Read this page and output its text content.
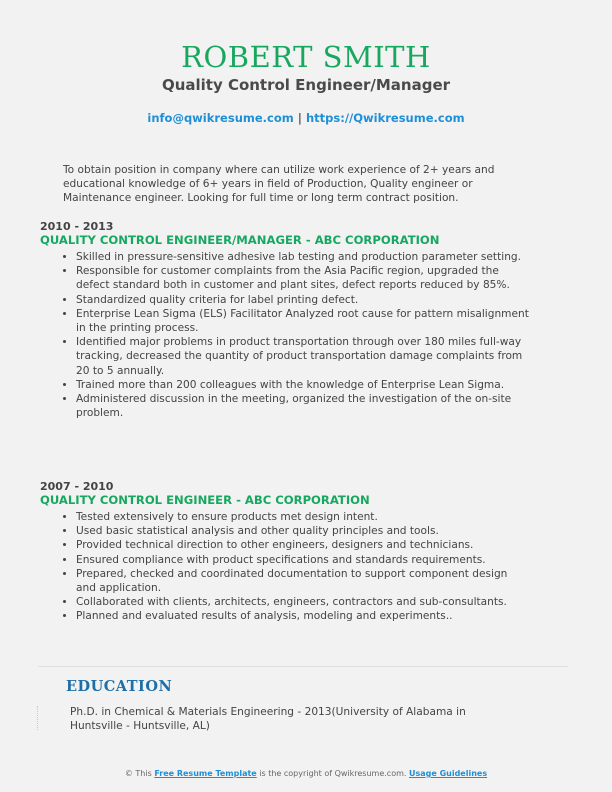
ROBERT SMITH
Quality Control Engineer/Manager
info@qwikresume.com | https://Qwikresume.com

To obtain position in company where can utilize work experience of 2+ years and educational knowledge of 6+ years in field of Production, Quality engineer or Maintenance engineer. Looking for full time or long term contract position.

2010 - 2013
QUALITY CONTROL ENGINEER/MANAGER - ABC CORPORATION
• Skilled in pressure-sensitive adhesive lab testing and production parameter setting.
• Responsible for customer complaints from the Asia Pacific region, upgraded the defect standard both in customer and plant sites, defect reports reduced by 85%.
• Standardized quality criteria for label printing defect.
• Enterprise Lean Sigma (ELS) Facilitator Analyzed root cause for pattern misalignment in the printing process.
• Identified major problems in product transportation through over 180 miles full-way tracking, decreased the quantity of product transportation damage complaints from 20 to 5 annually.
• Trained more than 200 colleagues with the knowledge of Enterprise Lean Sigma.
• Administered discussion in the meeting, organized the investigation of the on-site problem.
2007 - 2010
QUALITY CONTROL ENGINEER - ABC CORPORATION
• Tested extensively to ensure products met design intent.
• Used basic statistical analysis and other quality principles and tools.
• Provided technical direction to other engineers, designers and technicians.
• Ensured compliance with product specifications and standards requirements.
• Prepared, checked and coordinated documentation to support component design and application.
• Collaborated with clients, architects, engineers, contractors and sub-consultants.
• Planned and evaluated results of analysis, modeling and experiments..
EDUCATION
Ph.D. in Chemical & Materials Engineering - 2013(University of Alabama in Huntsville - Huntsville, AL)
© This Free Resume Template is the copyright of Qwikresume.com. Usage Guidelines
